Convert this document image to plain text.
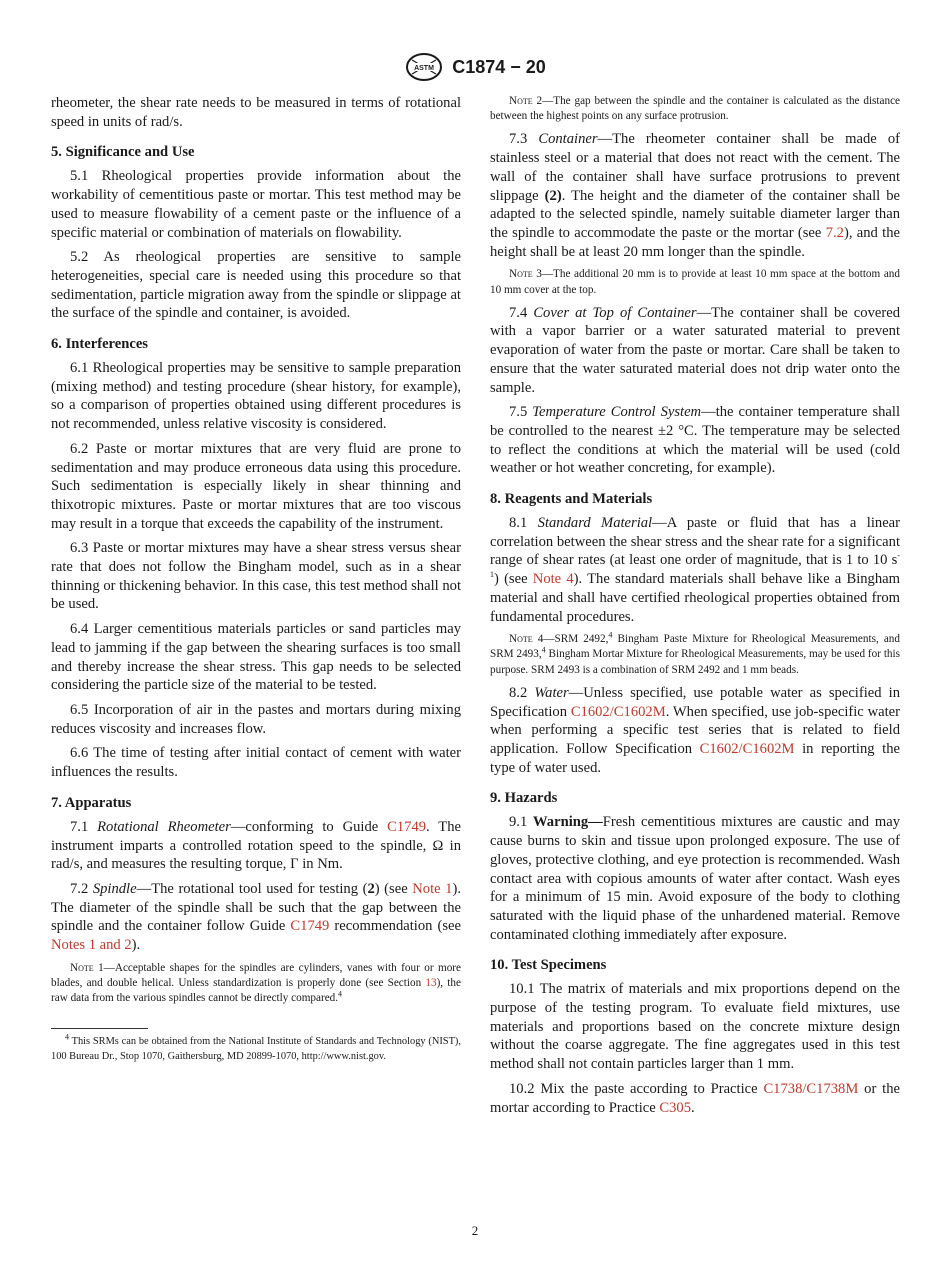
ASTM C1874 − 20

rheometer, the shear rate needs to be measured in terms of rotational speed in units of rad/s.

5. Significance and Use

5.1 Rheological properties provide information about the workability of cementitious paste or mortar. This test method may be used to measure flowability of a cement paste or the influence of a specific material or combination of materials on flowability.

5.2 As rheological properties are sensitive to sample heterogeneities, special care is needed using this procedure so that sedimentation, particle migration away from the spindle or slippage at the surface of the spindle and container, is avoided.

6. Interferences

6.1 Rheological properties may be sensitive to sample preparation (mixing method) and testing procedure (shear history, for example), so a comparison of properties obtained using different procedures is not recommended, unless relative viscosity is considered.

6.2 Paste or mortar mixtures that are very fluid are prone to sedimentation and may produce erroneous data using this procedure. Such sedimentation is especially likely in shear thinning and thixotropic mixtures. Paste or mortar mixtures that are too viscous may result in a torque that exceeds the capability of the instrument.

6.3 Paste or mortar mixtures may have a shear stress versus shear rate that does not follow the Bingham model, such as in a shear thinning or thickening behavior. In this case, this test method shall not be used.

6.4 Larger cementitious materials particles or sand particles may lead to jamming if the gap between the shearing surfaces is too small and thereby increase the shear stress. This gap needs to be selected considering the particle size of the material to be tested.

6.5 Incorporation of air in the pastes and mortars during mixing reduces viscosity and increases flow.

6.6 The time of testing after initial contact of cement with water influences the results.

7. Apparatus

7.1 Rotational Rheometer—conforming to Guide C1749. The instrument imparts a controlled rotation speed to the spindle, Ω in rad/s, and measures the resulting torque, Γ in Nm.

7.2 Spindle—The rotational tool used for testing (2) (see Note 1). The diameter of the spindle shall be such that the gap between the spindle and the container follow Guide C1749 recommendation (see Notes 1 and 2).

Note 1—Acceptable shapes for the spindles are cylinders, vanes with four or more blades, and double helical. Unless standardization is properly done (see Section 13), the raw data from the various spindles cannot be directly compared.$^4$

$^4$ This SRMs can be obtained from the National Institute of Standards and Technology (NIST), 100 Bureau Dr., Stop 1070, Gaithersburg, MD 20899-1070, http://www.nist.gov.

Note 2—The gap between the spindle and the container is calculated as the distance between the highest points on any surface protrusion.

7.3 Container—The rheometer container shall be made of stainless steel or a material that does not react with the cement. The wall of the container shall have surface protrusions to prevent slippage (2). The height and the diameter of the container shall be adapted to the selected spindle, namely suitable diameter larger than the spindle to accommodate the paste or the mortar (see 7.2), and the height shall be at least 20 mm longer than the spindle.

Note 3—The additional 20 mm is to provide at least 10 mm space at the bottom and 10 mm cover at the top.

7.4 Cover at Top of Container—The container shall be covered with a vapor barrier or a water saturated material to prevent evaporation of water from the paste or mortar. Care shall be taken to ensure that the water saturated material does not drip water onto the sample.

7.5 Temperature Control System—the container temperature shall be controlled to the nearest ±2 °C. The temperature may be selected to reflect the conditions at which the material will be used (cold weather or hot weather concreting, for example).

8. Reagents and Materials

8.1 Standard Material—A paste or fluid that has a linear correlation between the shear stress and the shear rate for a significant range of shear rates (at least one order of magnitude, that is 1 to 10 $s^{-1}$) (see Note 4). The standard materials shall behave like a Bingham material and shall have certified rheological properties obtained from fundamental procedures.

Note 4—SRM 2492,$^4$ Bingham Paste Mixture for Rheological Measurements, and SRM 2493,$^4$ Bingham Mortar Mixture for Rheological Measurements, may be used for this purpose. SRM 2493 is a combination of SRM 2492 and 1 mm beads.

8.2 Water—Unless specified, use potable water as specified in Specification C1602/C1602M. When specified, use job-specific water when performing a specific test series that is related to field application. Follow Specification C1602/C1602M in reporting the type of water used.

9. Hazards

9.1 Warning—Fresh cementitious mixtures are caustic and may cause burns to skin and tissue upon prolonged exposure. The use of gloves, protective clothing, and eye protection is recommended. Wash contact area with copious amounts of water after contact. Wash eyes for a minimum of 15 min. Avoid exposure of the body to clothing saturated with the liquid phase of the unhardened material. Remove contaminated clothing immediately after exposure.

10. Test Specimens

10.1 The matrix of materials and mix proportions depend on the purpose of the testing program. To evaluate field mixtures, use materials and proportions based on the concrete mixture design without the coarse aggregate. The fine aggregates used in this test method shall not contain particles larger than 1 mm.

10.2 Mix the paste according to Practice C1738/C1738M or the mortar according to Practice C305.

2
